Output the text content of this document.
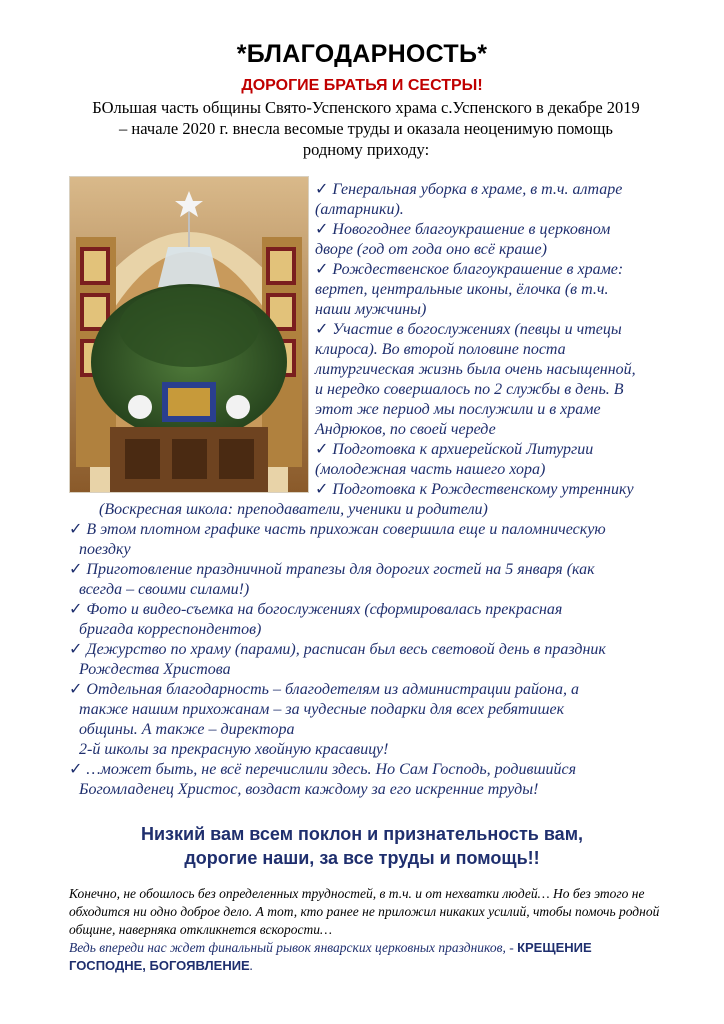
*БЛАГОДАРНОСТЬ*
ДОРОГИЕ БРАТЬЯ И СЕСТРЫ!
БОльшая часть общины Свято-Успенского храма с.Успенского в декабре 2019 – начале 2020 г. внесла весомые труды и оказала неоценимую помощь родному приходу:
✓ Генеральная уборка в храме, в т.ч. алтаре
(алтарники).
✓ Новогоднее благоукрашение в церковном
дворе (год от года оно всё краше)
✓ Рождественское благоукрашение в храме:
вертеп, центральные иконы, ёлочка (в т.ч.
наши мужчины)
✓ Участие в богослужениях (певцы и чтецы
клироса). Во второй половине поста
литургическая жизнь была очень насыщенной,
и нередко совершалось по 2 службы в день. В
этот же период мы послужили и в храме
Андрюков, по своей череде
✓ Подготовка к архиерейской Литургии
(молодежная часть нашего хора)
✓ Подготовка к Рождественскому утреннику
(Воскресная школа: преподаватели, ученики и родители)
✓ В этом плотном графике часть прихожан совершила еще и паломническую
поездку
✓ Приготовление праздничной трапезы для дорогих гостей на 5 января (как
всегда – своими силами!)
✓ Фото и видео-съемка на богослужениях (сформировалась прекрасная
бригада корреспондентов)
✓ Дежурство по храму (парами), расписан был весь световой день в праздник
Рождества Христова
✓ Отдельная благодарность – благодетелям из администрации района, а
также нашим прихожанам – за чудесные подарки для всех ребятишек
общины. А также – директора
2-й школы за прекрасную хвойную красавицу!
✓ …может быть, не всё перечислили здесь. Но Сам Господь, родившийся
Богомладенец Христос, воздаст каждому за его искренние труды!
Низкий вам всем поклон и признательность вам,
дорогие наши, за все труды и помощь!!
Конечно, не обошлось без определенных трудностей, в т.ч. и от нехватки людей… Но без этого не обходится ни одно доброе дело. А тот, кто ранее не приложил никаких усилий, чтобы помочь родной общине, наверняка откликнется вскорости…
Ведь впереди нас ждет финальный рывок январских церковных праздников, - КРЕЩЕНИЕ ГОСПОДНЕ, БОГОЯВЛЕНИЕ.
